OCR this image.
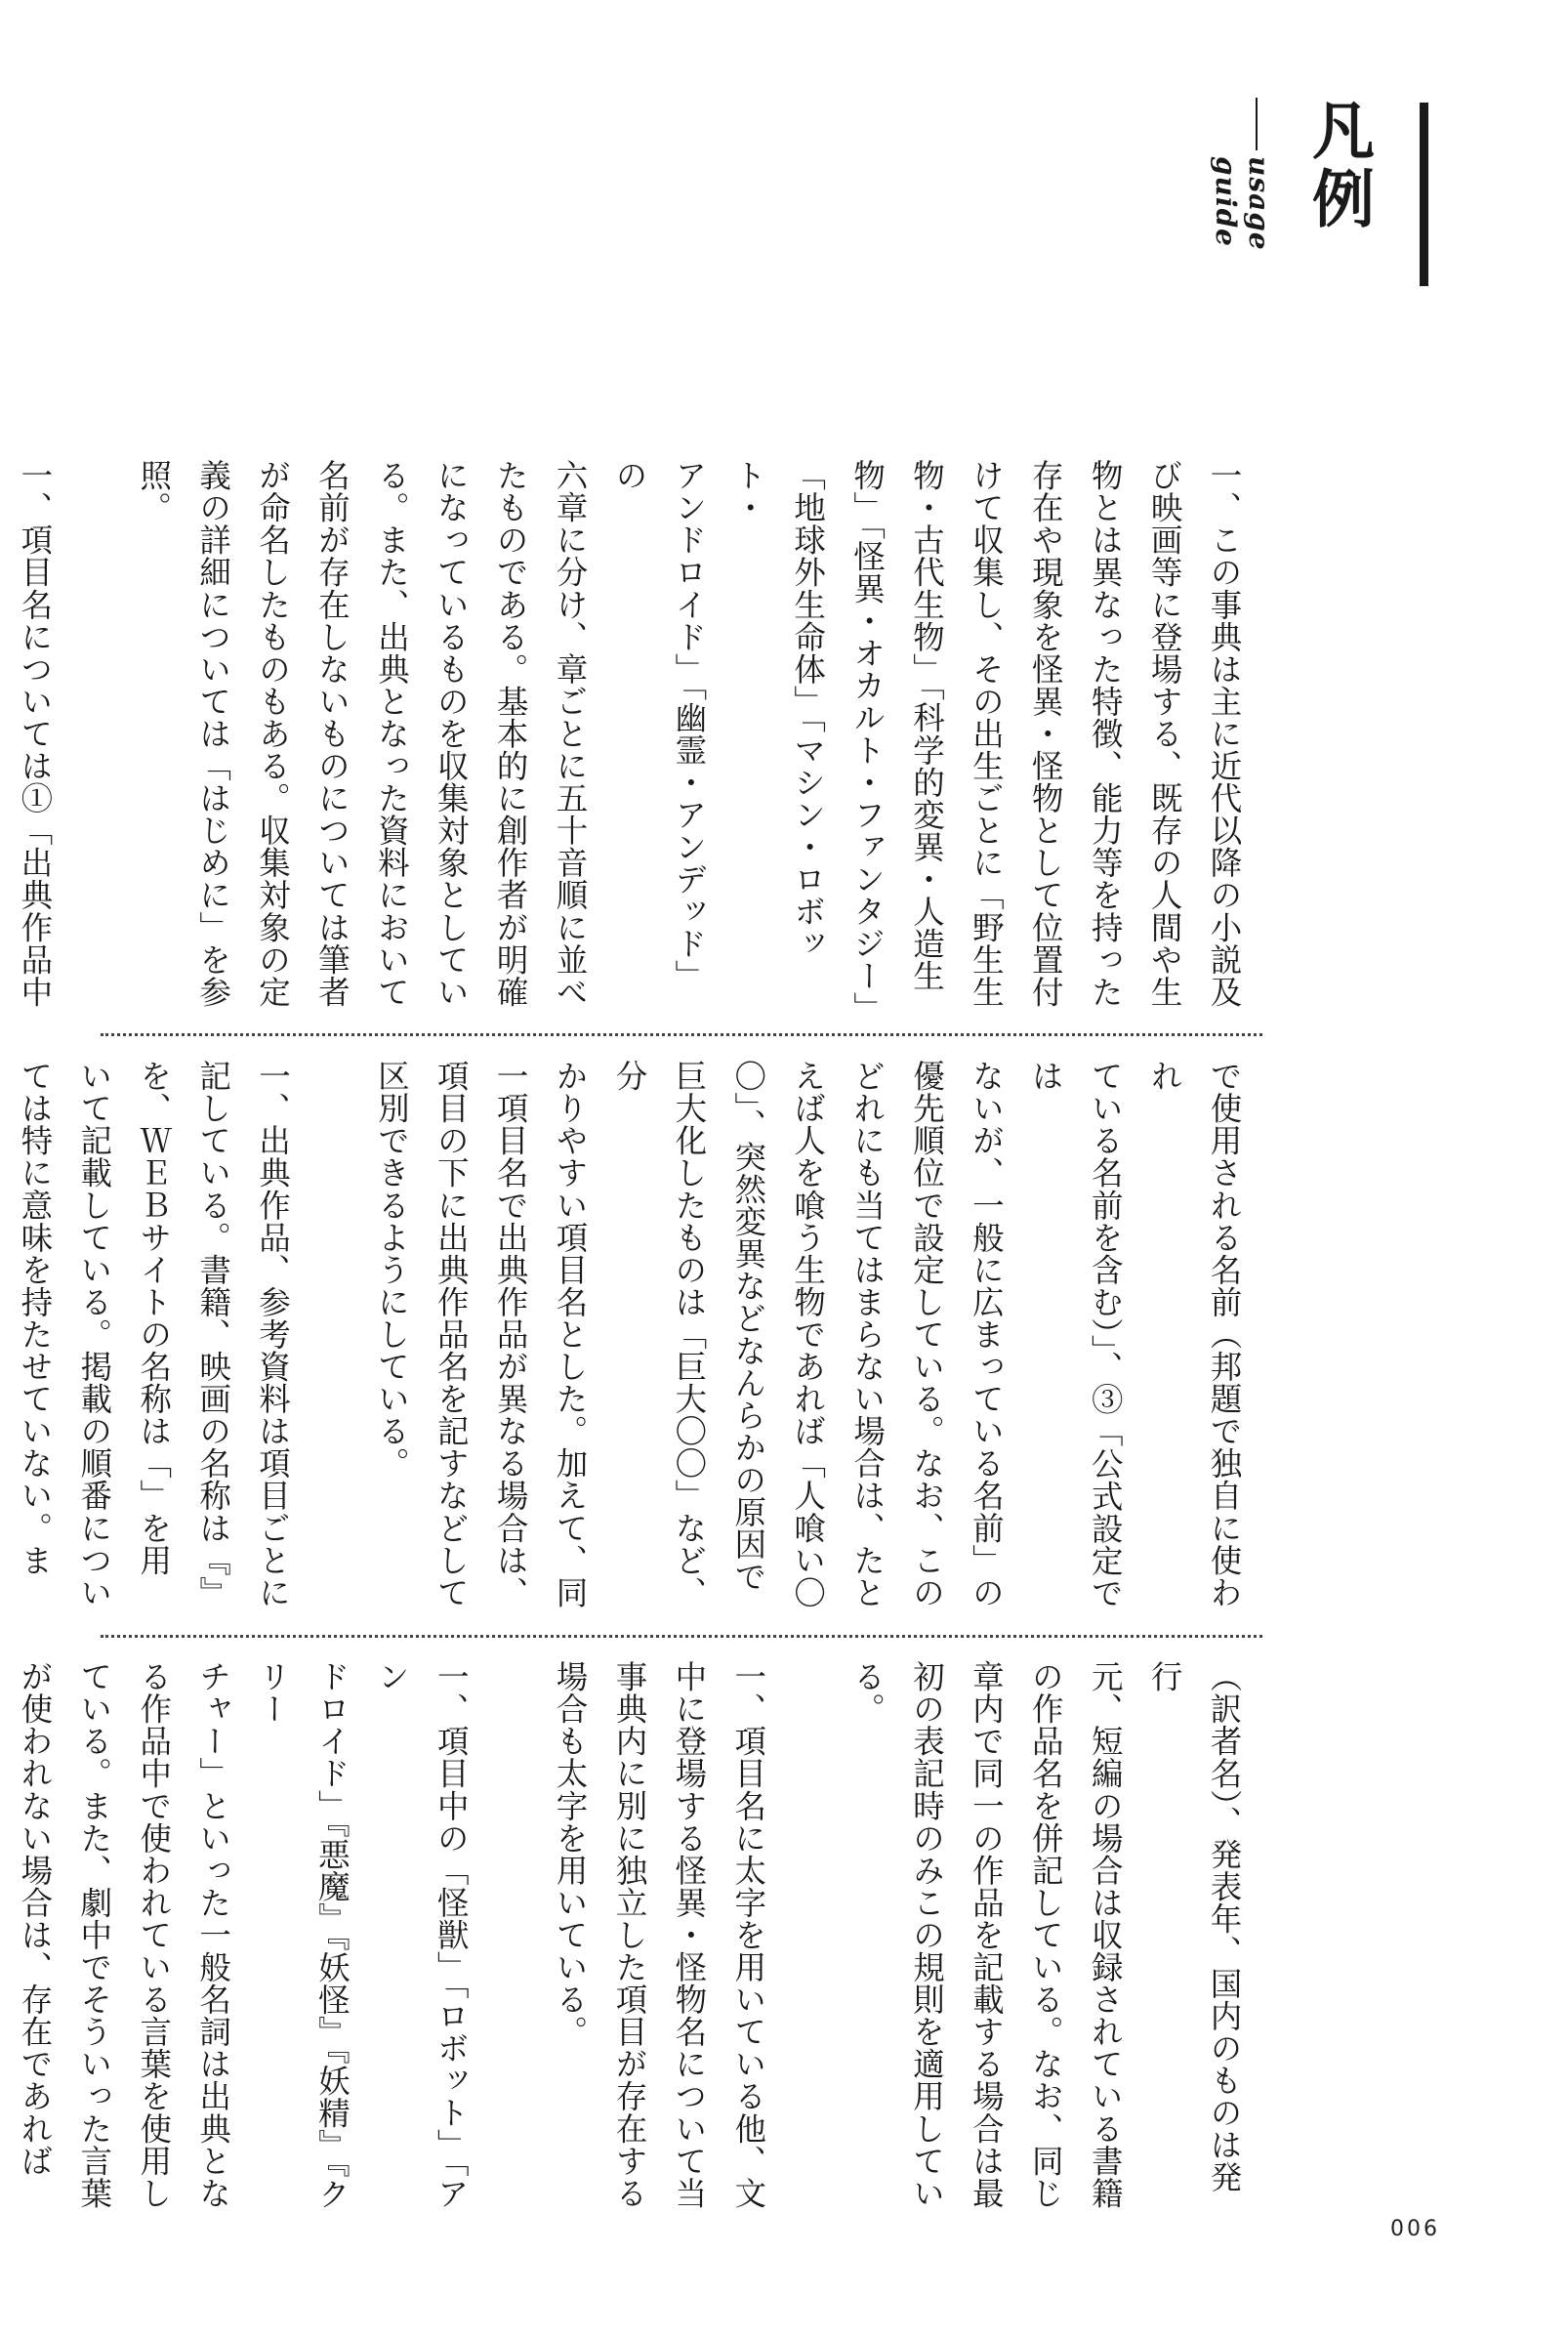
凡例
usage guide
一、この事典は主に近代以降の小説及
び映画等に登場する、既存の人間や生
物とは異なった特徴、能力等を持った
存在や現象を怪異・怪物として位置付
けて収集し、その出生ごとに「野生生
物・古代生物」「科学的変異・人造生
物」「怪異・オカルト・ファンタジー」
「地球外生命体」「マシン・ロボット・
アンドロイド」「幽霊・アンデッド」の
六章に分け、章ごとに五十音順に並べ
たものである。基本的に創作者が明確
になっているものを収集対象としてい
る。また、出典となった資料において
名前が存在しないものについては筆者
が命名したものもある。収集対象の定
義の詳細については「はじめに」を参
照。

一、項目名については①「出典作品中
で使用される名前（邦題で独自に使われ
ている名前を含む）」、③「公式設定では
ないが、一般に広まっている名前」の
優先順位で設定している。なお、この
どれにも当てはまらない場合は、たと
えば人を喰う生物であれば「人喰い〇
〇」、突然変異などなんらかの原因で
巨大化したものは「巨大〇〇」など、分
かりやすい項目名とした。加えて、同
一項目名で出典作品が異なる場合は、
項目の下に出典作品名を記すなどして
区別できるようにしている。

一、出典作品、参考資料は項目ごとに
記している。書籍、映画の名称は『』
を、ＷＥＢサイトの名称は「」を用
いて記載している。掲載の順番につい
ては特に意味を持たせていない。ま
（訳者名）、発表年、国内のものは発行
元、短編の場合は収録されている書籍
の作品名を併記している。なお、同じ
章内で同一の作品を記載する場合は最
初の表記時のみこの規則を適用してい
る。

一、項目名に太字を用いている他、文
中に登場する怪異・怪物名について当
事典内に別に独立した項目が存在する
場合も太字を用いている。

一、項目中の「怪獣」「ロボット」「アン
ドロイド」『悪魔』『妖怪』『妖精』『クリー
チャー」といった一般名詞は出典とな
る作品中で使われている言葉を使用し
ている。また、劇中でそういった言葉
が使われない場合は、存在であれば
006
